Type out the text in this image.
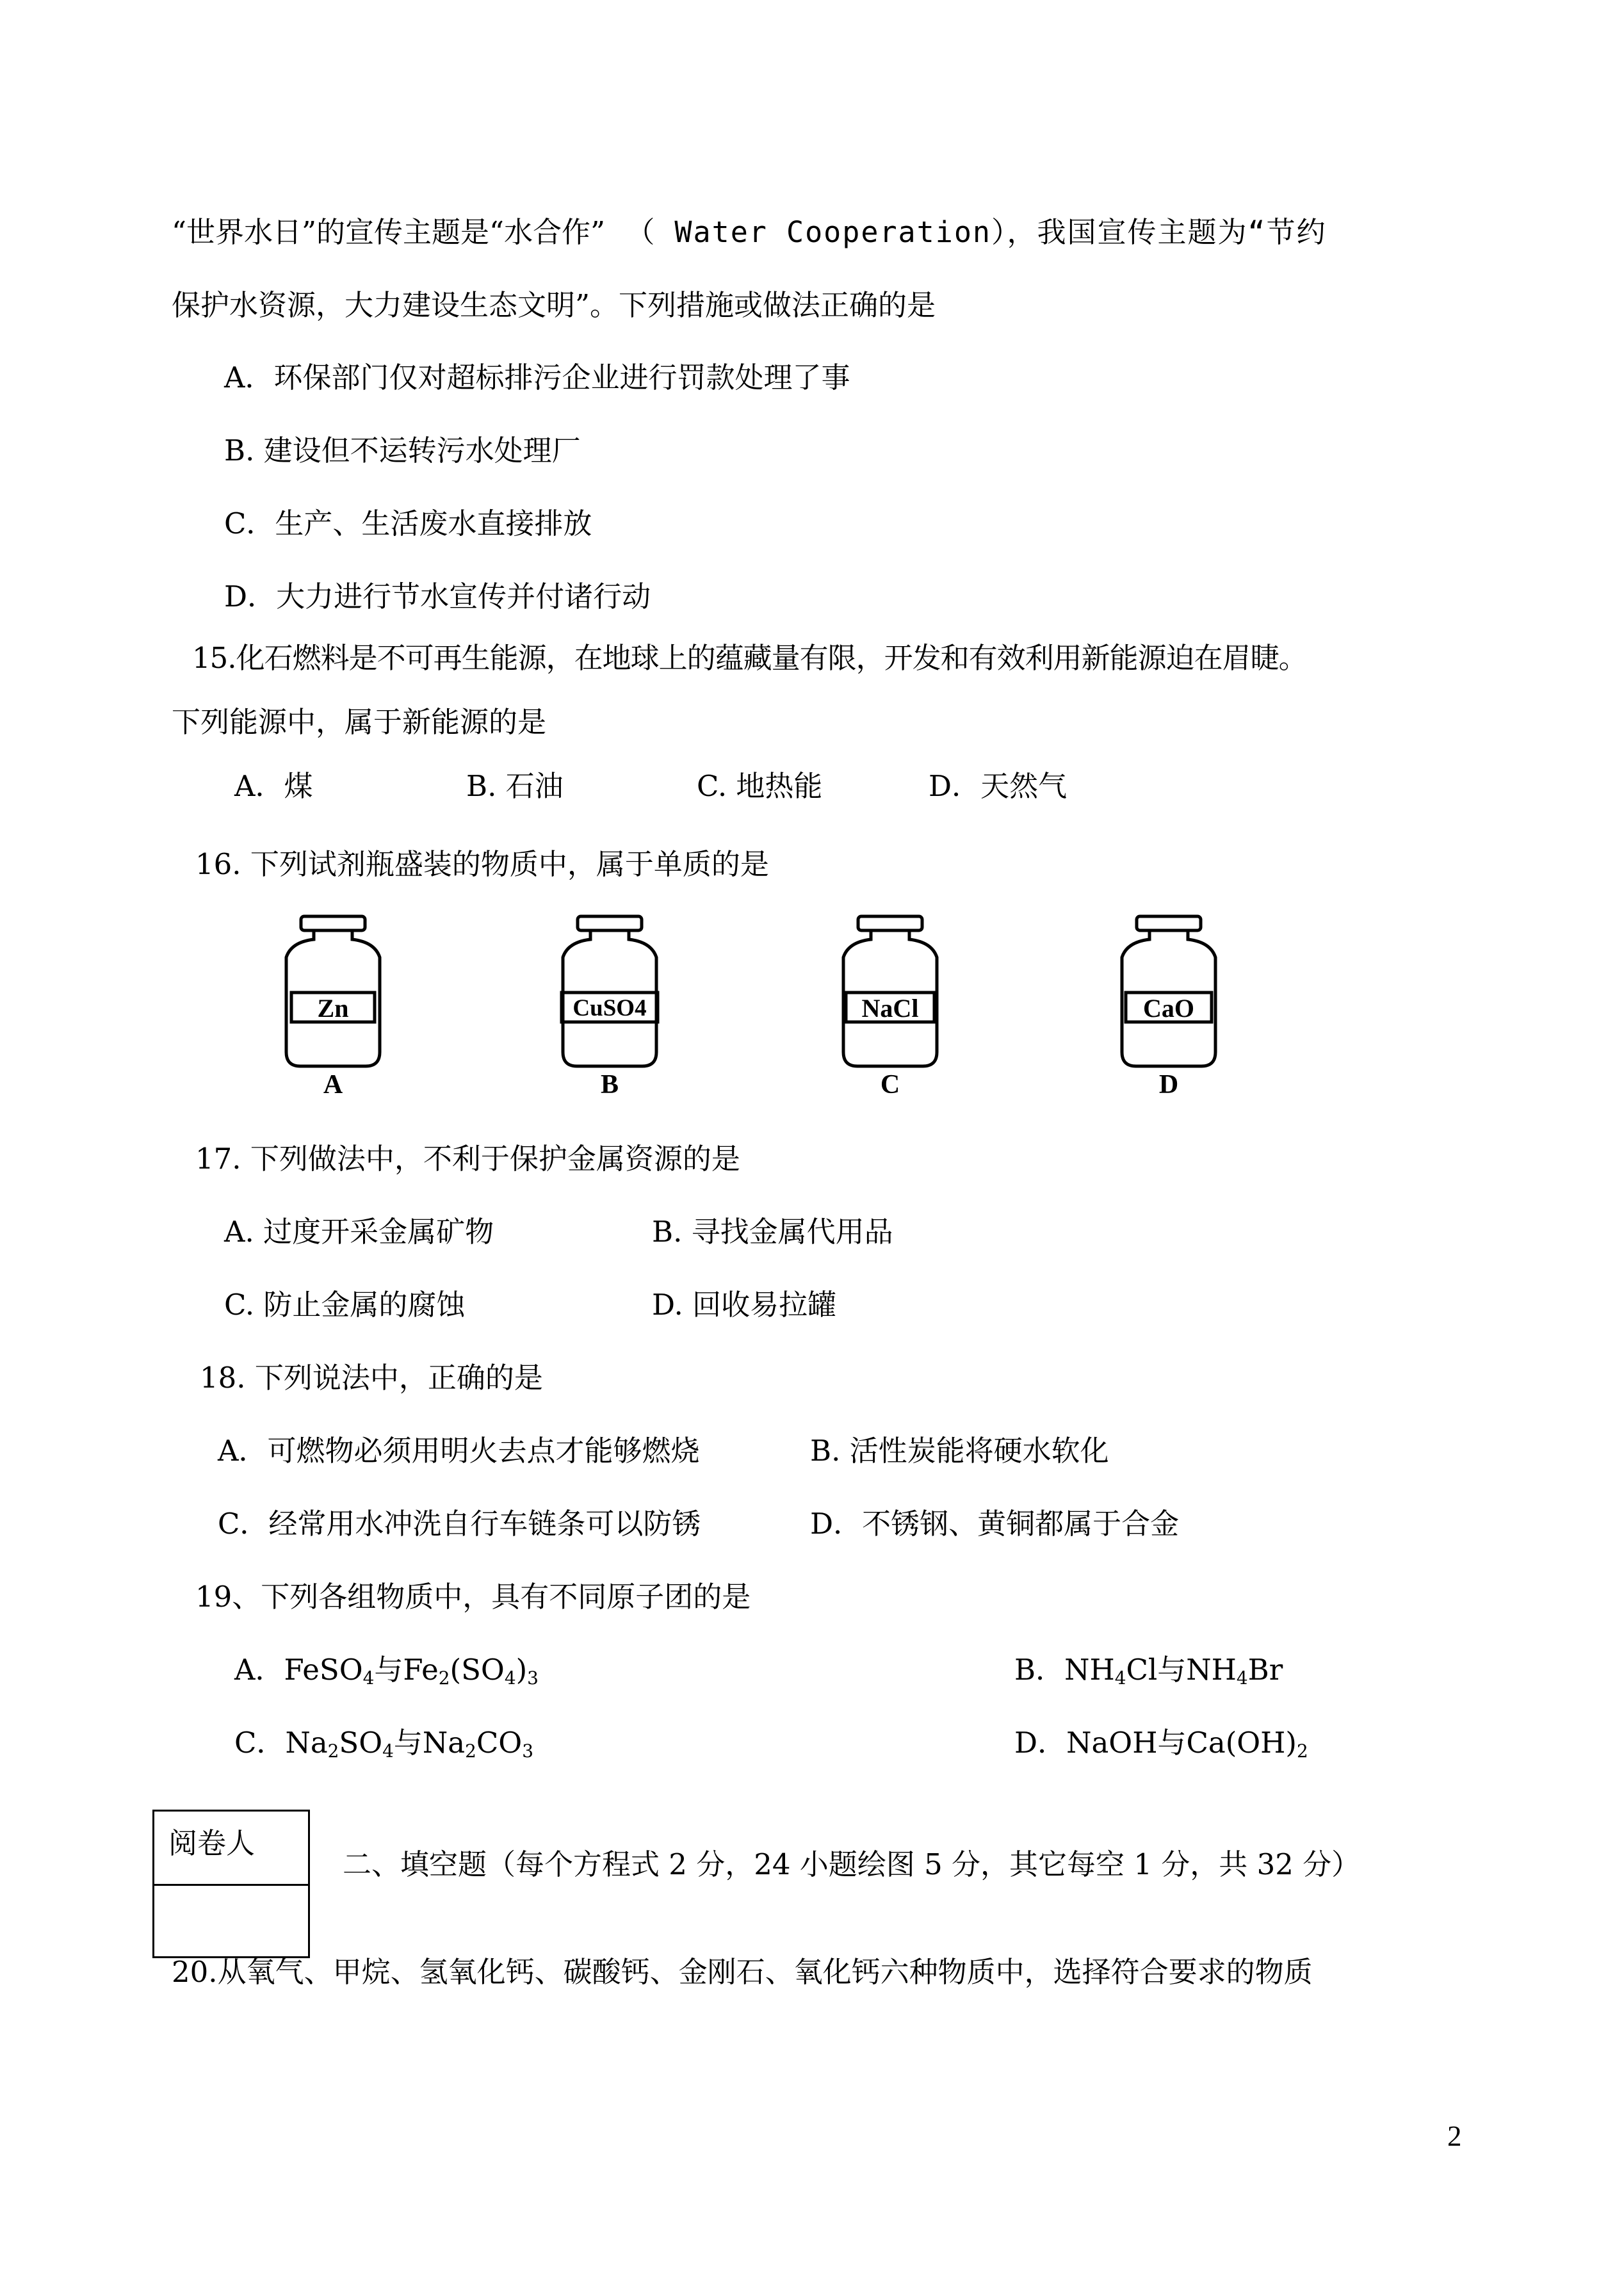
“世界水日”的宣传主题是“水合作” （ Water Cooperation），我国宣传主题为“节约
保护水资源，大力建设生态文明”。下列措施或做法正确的是
A．环保部门仅对超标排污企业进行罚款处理了事
B. 建设但不运转污水处理厂
C．生产、生活废水直接排放
D．大力进行节水宣传并付诸行动
15.化石燃料是不可再生能源，在地球上的蕴藏量有限，开发和有效利用新能源迫在眉睫。
下列能源中，属于新能源的是
A．煤	B. 石油	C. 地热能	D．天然气
16. 下列试剂瓶盛装的物质中，属于单质的是
Zn
A
CuSO4
B
NaCl
C
CaO
D
17. 下列做法中，不利于保护金属资源的是
A. 过度开采金属矿物	B. 寻找金属代用品
C. 防止金属的腐蚀	D. 回收易拉罐
18. 下列说法中，正确的是
A．可燃物必须用明火去点才能够燃烧	B. 活性炭能将硬水软化
C．经常用水冲洗自行车链条可以防锈	D．不锈钢、黄铜都属于合金
19、下列各组物质中，具有不同原子团的是
A．FeSO$_4$与$Fe_2(SO_4)_3$	B．$NH_4Cl$与$NH_4Br$
C．$Na_2SO_4$与$Na_2CO_3$	D．NaOH与$Ca(OH)_2$
阅卷人
二、填空题（每个方程式 2 分，24 小题绘图 5 分，其它每空 1 分，共 32 分）
20.从氧气、甲烷、氢氧化钙、碳酸钙、金刚石、氧化钙六种物质中，选择符合要求的物质
2
